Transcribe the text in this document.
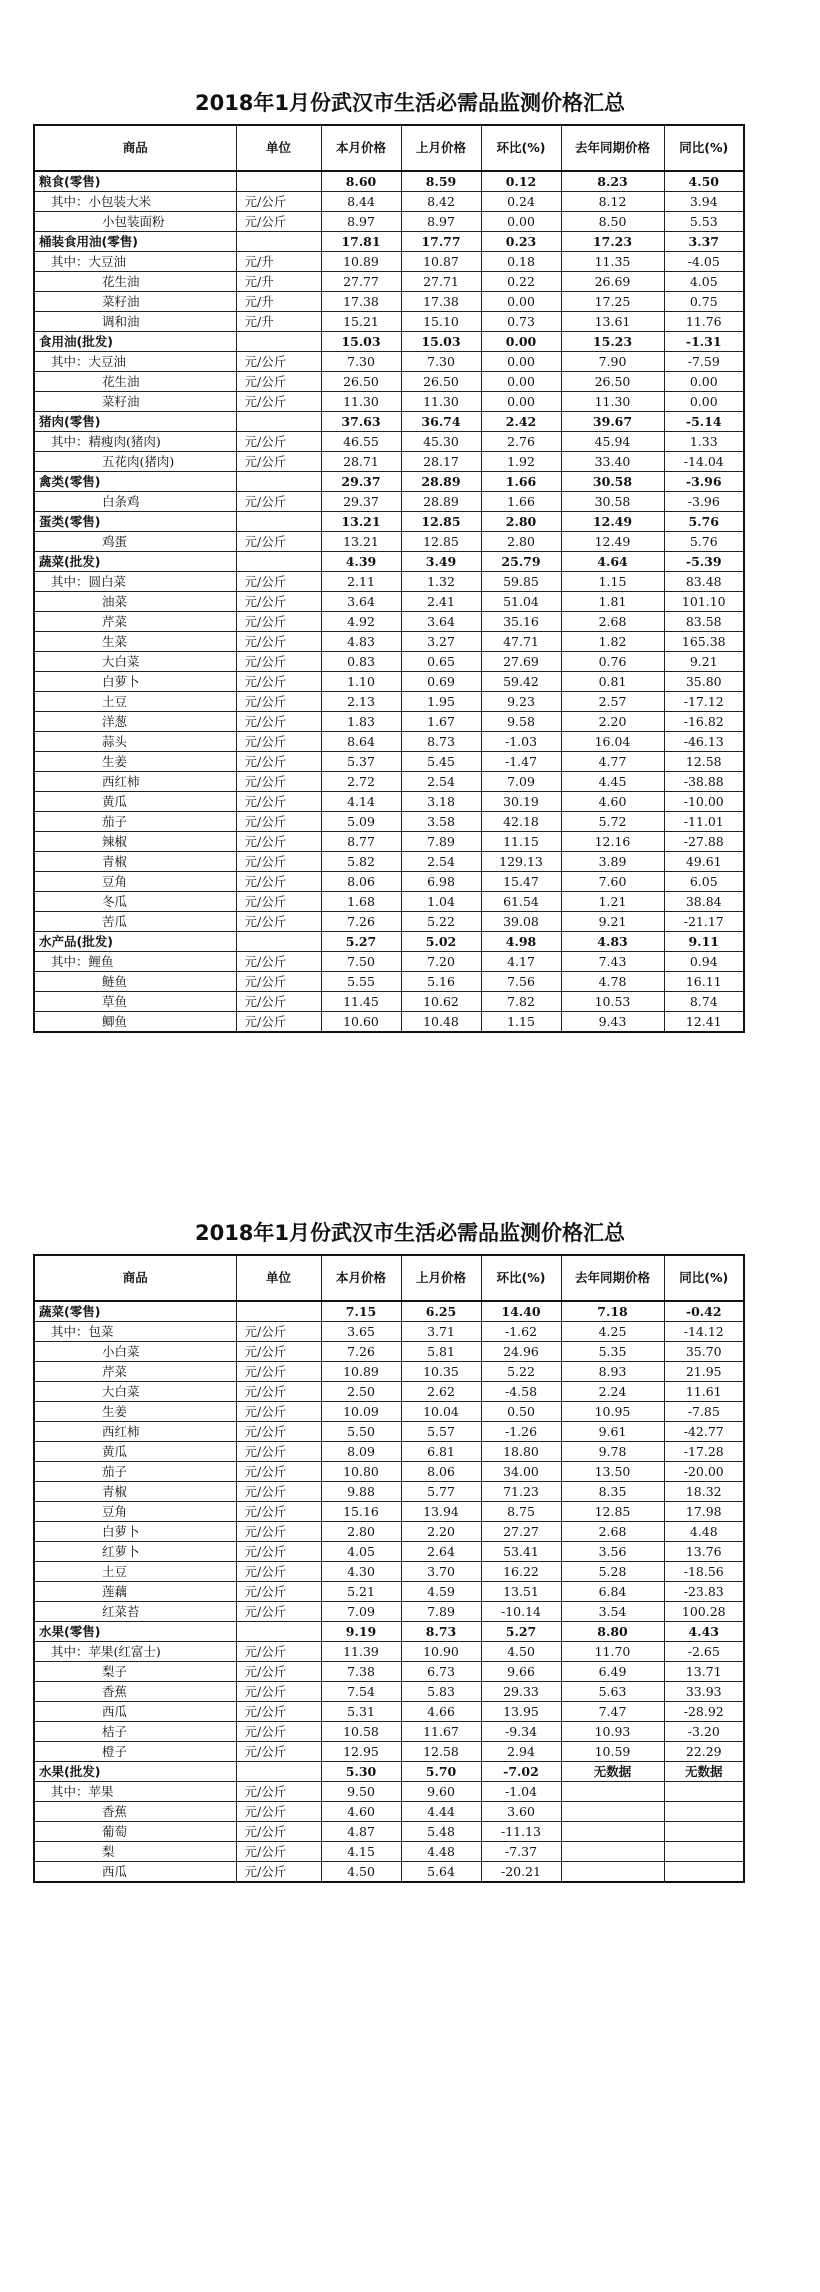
2018年1月份武汉市生活必需品监测价格汇总
商品	单位	本月价格	上月价格	环比(%)	去年同期价格	同比(%)
粮食(零售)		8.60	8.59	0.12	8.23	4.50
其中：小包装大米	元/公斤	8.44	8.42	0.24	8.12	3.94
小包装面粉	元/公斤	8.97	8.97	0.00	8.50	5.53
桶装食用油(零售)		17.81	17.77	0.23	17.23	3.37
其中：大豆油	元/升	10.89	10.87	0.18	11.35	-4.05
花生油	元/升	27.77	27.71	0.22	26.69	4.05
菜籽油	元/升	17.38	17.38	0.00	17.25	0.75
调和油	元/升	15.21	15.10	0.73	13.61	11.76
食用油(批发)		15.03	15.03	0.00	15.23	-1.31
其中：大豆油	元/公斤	7.30	7.30	0.00	7.90	-7.59
花生油	元/公斤	26.50	26.50	0.00	26.50	0.00
菜籽油	元/公斤	11.30	11.30	0.00	11.30	0.00
猪肉(零售)		37.63	36.74	2.42	39.67	-5.14
其中：精瘦肉(猪肉)	元/公斤	46.55	45.30	2.76	45.94	1.33
五花肉(猪肉)	元/公斤	28.71	28.17	1.92	33.40	-14.04
禽类(零售)		29.37	28.89	1.66	30.58	-3.96
白条鸡	元/公斤	29.37	28.89	1.66	30.58	-3.96
蛋类(零售)		13.21	12.85	2.80	12.49	5.76
鸡蛋	元/公斤	13.21	12.85	2.80	12.49	5.76
蔬菜(批发)		4.39	3.49	25.79	4.64	-5.39
其中：圆白菜	元/公斤	2.11	1.32	59.85	1.15	83.48
油菜	元/公斤	3.64	2.41	51.04	1.81	101.10
芹菜	元/公斤	4.92	3.64	35.16	2.68	83.58
生菜	元/公斤	4.83	3.27	47.71	1.82	165.38
大白菜	元/公斤	0.83	0.65	27.69	0.76	9.21
白萝卜	元/公斤	1.10	0.69	59.42	0.81	35.80
土豆	元/公斤	2.13	1.95	9.23	2.57	-17.12
洋葱	元/公斤	1.83	1.67	9.58	2.20	-16.82
蒜头	元/公斤	8.64	8.73	-1.03	16.04	-46.13
生姜	元/公斤	5.37	5.45	-1.47	4.77	12.58
西红柿	元/公斤	2.72	2.54	7.09	4.45	-38.88
黄瓜	元/公斤	4.14	3.18	30.19	4.60	-10.00
茄子	元/公斤	5.09	3.58	42.18	5.72	-11.01
辣椒	元/公斤	8.77	7.89	11.15	12.16	-27.88
青椒	元/公斤	5.82	2.54	129.13	3.89	49.61
豆角	元/公斤	8.06	6.98	15.47	7.60	6.05
冬瓜	元/公斤	1.68	1.04	61.54	1.21	38.84
苦瓜	元/公斤	7.26	5.22	39.08	9.21	-21.17
水产品(批发)		5.27	5.02	4.98	4.83	9.11
其中：鲤鱼	元/公斤	7.50	7.20	4.17	7.43	0.94
鲢鱼	元/公斤	5.55	5.16	7.56	4.78	16.11
草鱼	元/公斤	11.45	10.62	7.82	10.53	8.74
鲫鱼	元/公斤	10.60	10.48	1.15	9.43	12.41
2018年1月份武汉市生活必需品监测价格汇总
商品	单位	本月价格	上月价格	环比(%)	去年同期价格	同比(%)
蔬菜(零售)		7.15	6.25	14.40	7.18	-0.42
其中：包菜	元/公斤	3.65	3.71	-1.62	4.25	-14.12
小白菜	元/公斤	7.26	5.81	24.96	5.35	35.70
芹菜	元/公斤	10.89	10.35	5.22	8.93	21.95
大白菜	元/公斤	2.50	2.62	-4.58	2.24	11.61
生姜	元/公斤	10.09	10.04	0.50	10.95	-7.85
西红柿	元/公斤	5.50	5.57	-1.26	9.61	-42.77
黄瓜	元/公斤	8.09	6.81	18.80	9.78	-17.28
茄子	元/公斤	10.80	8.06	34.00	13.50	-20.00
青椒	元/公斤	9.88	5.77	71.23	8.35	18.32
豆角	元/公斤	15.16	13.94	8.75	12.85	17.98
白萝卜	元/公斤	2.80	2.20	27.27	2.68	4.48
红萝卜	元/公斤	4.05	2.64	53.41	3.56	13.76
土豆	元/公斤	4.30	3.70	16.22	5.28	-18.56
莲藕	元/公斤	5.21	4.59	13.51	6.84	-23.83
红菜苔	元/公斤	7.09	7.89	-10.14	3.54	100.28
水果(零售)		9.19	8.73	5.27	8.80	4.43
其中：苹果(红富士)	元/公斤	11.39	10.90	4.50	11.70	-2.65
梨子	元/公斤	7.38	6.73	9.66	6.49	13.71
香蕉	元/公斤	7.54	5.83	29.33	5.63	33.93
西瓜	元/公斤	5.31	4.66	13.95	7.47	-28.92
桔子	元/公斤	10.58	11.67	-9.34	10.93	-3.20
橙子	元/公斤	12.95	12.58	2.94	10.59	22.29
水果(批发)		5.30	5.70	-7.02	无数据	无数据
其中：苹果	元/公斤	9.50	9.60	-1.04		
香蕉	元/公斤	4.60	4.44	3.60		
葡萄	元/公斤	4.87	5.48	-11.13		
梨	元/公斤	4.15	4.48	-7.37		
西瓜	元/公斤	4.50	5.64	-20.21		
